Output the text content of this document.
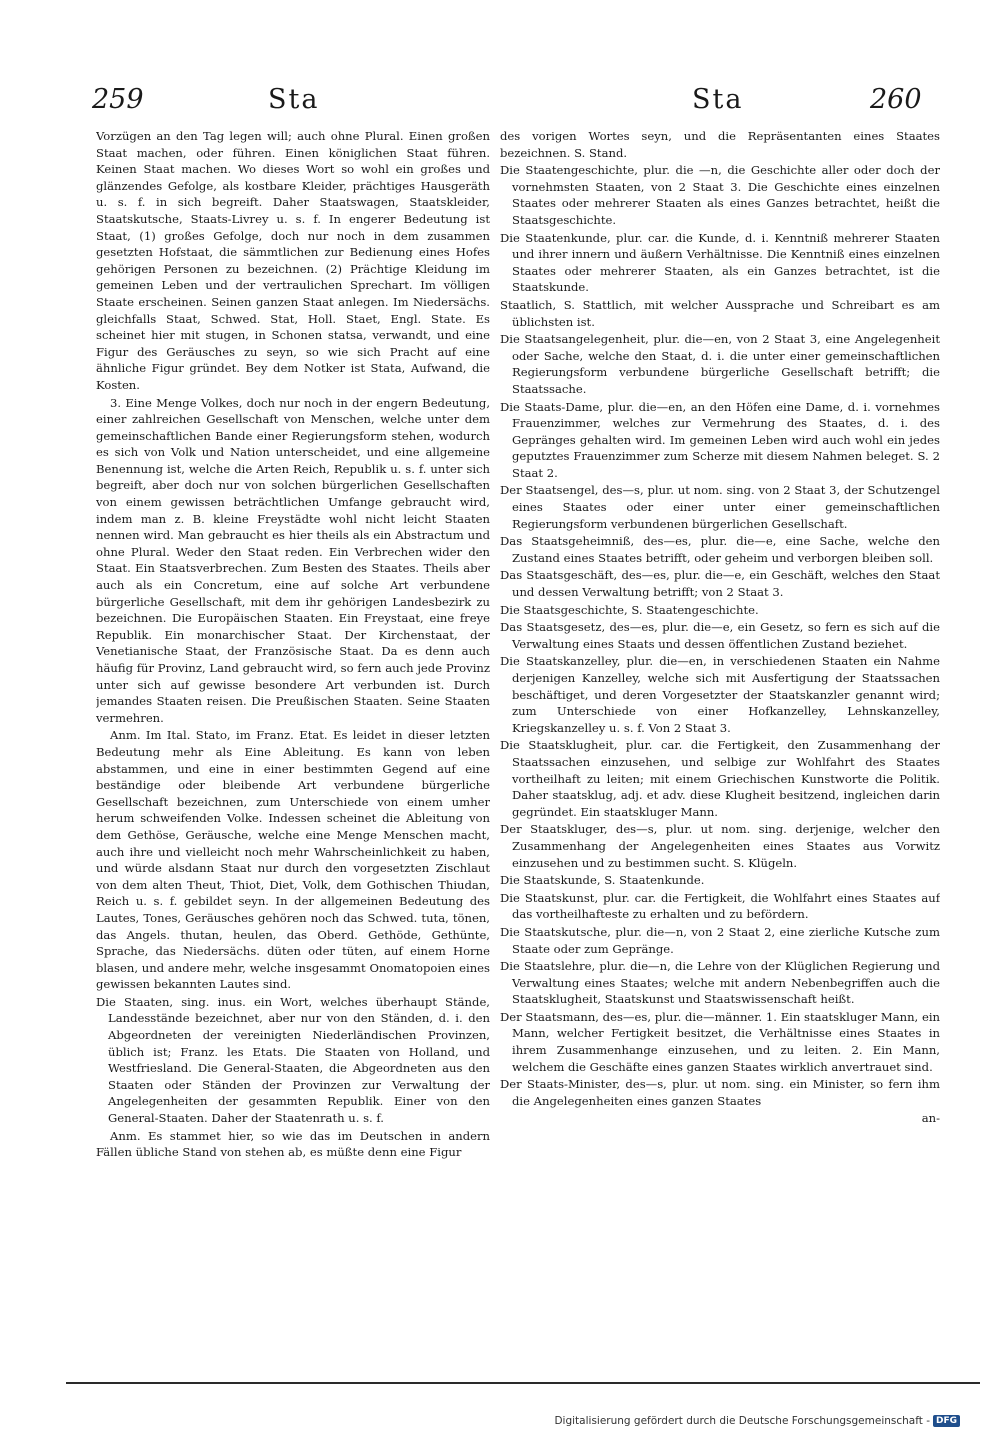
259	Sta	Sta	260

Vorzügen an den Tag legen will; auch ohne Plural. Einen großen Staat machen, oder führen. Einen königlichen Staat führen. Keinen Staat machen. Wo dieses Wort so wohl ein großes und glänzendes Gefolge, als kostbare Kleider, prächtiges Hausgeräth u. s. f. in sich begreift. Daher Staatswagen, Staatskleider, Staatskutsche, Staats-Livrey u. s. f. In engerer Bedeutung ist Staat, (1) großes Gefolge, doch nur noch in dem zusammen gesetzten Hofstaat, die sämmtlichen zur Bedienung eines Hofes gehörigen Personen zu bezeichnen. (2) Prächtige Kleidung im gemeinen Leben und der vertraulichen Sprechart. Im völligen Staate erscheinen. Seinen ganzen Staat anlegen. Im Niedersächs. gleichfalls Staat, Schwed. Stat, Holl. Staet, Engl. State. Es scheinet hier mit stugen, in Schonen statsa, verwandt, und eine Figur des Geräusches zu seyn, so wie sich Pracht auf eine ähnliche Figur gründet. Bey dem Notker ist Stata, Aufwand, die Kosten.

3. Eine Menge Volkes, doch nur noch in der engern Bedeutung, einer zahlreichen Gesellschaft von Menschen, welche unter dem gemeinschaftlichen Bande einer Regierungsform stehen, wodurch es sich von Volk und Nation unterscheidet, und eine allgemeine Benennung ist, welche die Arten Reich, Republik u. s. f. unter sich begreift, aber doch nur von solchen bürgerlichen Gesellschaften von einem gewissen beträchtlichen Umfange gebraucht wird, indem man z. B. kleine Freystädte wohl nicht leicht Staaten nennen wird. Man gebraucht es hier theils als ein Abstractum und ohne Plural. Weder den Staat reden. Ein Verbrechen wider den Staat. Ein Staatsverbrechen. Zum Besten des Staates. Theils aber auch als ein Concretum, eine auf solche Art verbundene bürgerliche Gesellschaft, mit dem ihr gehörigen Landesbezirk zu bezeichnen. Die Europäischen Staaten. Ein Freystaat, eine freye Republik. Ein monarchischer Staat. Der Kirchenstaat, der Venetianische Staat, der Französische Staat. Da es denn auch häufig für Provinz, Land gebraucht wird, so fern auch jede Provinz unter sich auf gewisse besondere Art verbunden ist. Durch jemandes Staaten reisen. Die Preußischen Staaten. Seine Staaten vermehren.

Anm. Im Ital. Stato, im Franz. Etat. Es leidet in dieser letzten Bedeutung mehr als Eine Ableitung. Es kann von leben abstammen, und eine in einer bestimmten Gegend auf eine beständige oder bleibende Art verbundene bürgerliche Gesellschaft bezeichnen, zum Unterschiede von einem umher herum schweifenden Volke. Indessen scheinet die Ableitung von dem Gethöse, Geräusche, welche eine Menge Menschen macht, auch ihre und vielleicht noch mehr Wahrscheinlichkeit zu haben, und würde alsdann Staat nur durch den vorgesetzten Zischlaut von dem alten Theut, Thiot, Diet, Volk, dem Gothischen Thiudan, Reich u. s. f. gebildet seyn. In der allgemeinen Bedeutung des Lautes, Tones, Geräusches gehören noch das Schwed. tuta, tönen, das Angels. thutan, heulen, das Oberd. Gethöde, Gethünte, Sprache, das Niedersächs. düten oder tüten, auf einem Horne blasen, und andere mehr, welche insgesammt Onomatopoien eines gewissen bekannten Lautes sind.

Die Staaten, sing. inus. ein Wort, welches überhaupt Stände, Landesstände bezeichnet, aber nur von den Ständen, d. i. den Abgeordneten der vereinigten Niederländischen Provinzen, üblich ist; Franz. les Etats. Die Staaten von Holland, und Westfriesland. Die General-Staaten, die Abgeordneten aus den Staaten oder Ständen der Provinzen zur Verwaltung der Angelegenheiten der gesammten Republik. Einer von den General-Staaten. Daher der Staatenrath u. s. f.

Anm. Es stammet hier, so wie das im Deutschen in andern Fällen übliche Stand von stehen ab, es müßte denn eine Figur

des vorigen Wortes seyn, und die Repräsentanten eines Staates bezeichnen. S. Stand.

Die Staatengeschichte, plur. die —n, die Geschichte aller oder doch der vornehmsten Staaten, von 2 Staat 3. Die Geschichte eines einzelnen Staates oder mehrerer Staaten als eines Ganzes betrachtet, heißt die Staatsgeschichte.

Die Staatenkunde, plur. car. die Kunde, d. i. Kenntniß mehrerer Staaten und ihrer innern und äußern Verhältnisse. Die Kenntniß eines einzelnen Staates oder mehrerer Staaten, als ein Ganzes betrachtet, ist die Staatskunde.

Staatlich, S. Stattlich, mit welcher Aussprache und Schreibart es am üblichsten ist.

Die Staatsangelegenheit, plur. die—en, von 2 Staat 3, eine Angelegenheit oder Sache, welche den Staat, d. i. die unter einer gemeinschaftlichen Regierungsform verbundene bürgerliche Gesellschaft betrifft; die Staatssache.

Die Staats-Dame, plur. die—en, an den Höfen eine Dame, d. i. vornehmes Frauenzimmer, welches zur Vermehrung des Staates, d. i. des Gepränges gehalten wird. Im gemeinen Leben wird auch wohl ein jedes geputztes Frauenzimmer zum Scherze mit diesem Nahmen beleget. S. 2 Staat 2.

Der Staatsengel, des—s, plur. ut nom. sing. von 2 Staat 3, der Schutzengel eines Staates oder einer unter einer gemeinschaftlichen Regierungsform verbundenen bürgerlichen Gesellschaft.

Das Staatsgeheimniß, des—es, plur. die—e, eine Sache, welche den Zustand eines Staates betrifft, oder geheim und verborgen bleiben soll.

Das Staatsgeschäft, des—es, plur. die—e, ein Geschäft, welches den Staat und dessen Verwaltung betrifft; von 2 Staat 3.

Die Staatsgeschichte, S. Staatengeschichte.

Das Staatsgesetz, des—es, plur. die—e, ein Gesetz, so fern es sich auf die Verwaltung eines Staats und dessen öffentlichen Zustand beziehet.

Die Staatskanzelley, plur. die—en, in verschiedenen Staaten ein Nahme derjenigen Kanzelley, welche sich mit Ausfertigung der Staatssachen beschäftiget, und deren Vorgesetzter der Staatskanzler genannt wird; zum Unterschiede von einer Hofkanzelley, Lehnskanzelley, Kriegskanzelley u. s. f. Von 2 Staat 3.

Die Staatsklugheit, plur. car. die Fertigkeit, den Zusammenhang der Staatssachen einzusehen, und selbige zur Wohlfahrt des Staates vortheilhaft zu leiten; mit einem Griechischen Kunstworte die Politik. Daher staatsklug, adj. et adv. diese Klugheit besitzend, ingleichen darin gegründet. Ein staatskluger Mann.

Der Staatskluger, des—s, plur. ut nom. sing. derjenige, welcher den Zusammenhang der Angelegenheiten eines Staates aus Vorwitz einzusehen und zu bestimmen sucht. S. Klügeln.

Die Staatskunde, S. Staatenkunde.

Die Staatskunst, plur. car. die Fertigkeit, die Wohlfahrt eines Staates auf das vortheilhafteste zu erhalten und zu befördern.

Die Staatskutsche, plur. die—n, von 2 Staat 2, eine zierliche Kutsche zum Staate oder zum Gepränge.

Die Staatslehre, plur. die—n, die Lehre von der Klüglichen Regierung und Verwaltung eines Staates; welche mit andern Nebenbegriffen auch die Staatsklugheit, Staatskunst und Staatswissenschaft heißt.

Der Staatsmann, des—es, plur. die—männer. 1. Ein staatskluger Mann, ein Mann, welcher Fertigkeit besitzet, die Verhältnisse eines Staates in ihrem Zusammenhange einzusehen, und zu leiten. 2. Ein Mann, welchem die Geschäfte eines ganzen Staates wirklich anvertrauet sind.

Der Staats-Minister, des—s, plur. ut nom. sing. ein Minister, so fern ihm die Angelegenheiten eines ganzen Staates

an-

Digitalisierung gefördert durch die Deutsche Forschungsgemeinschaft - DFG
